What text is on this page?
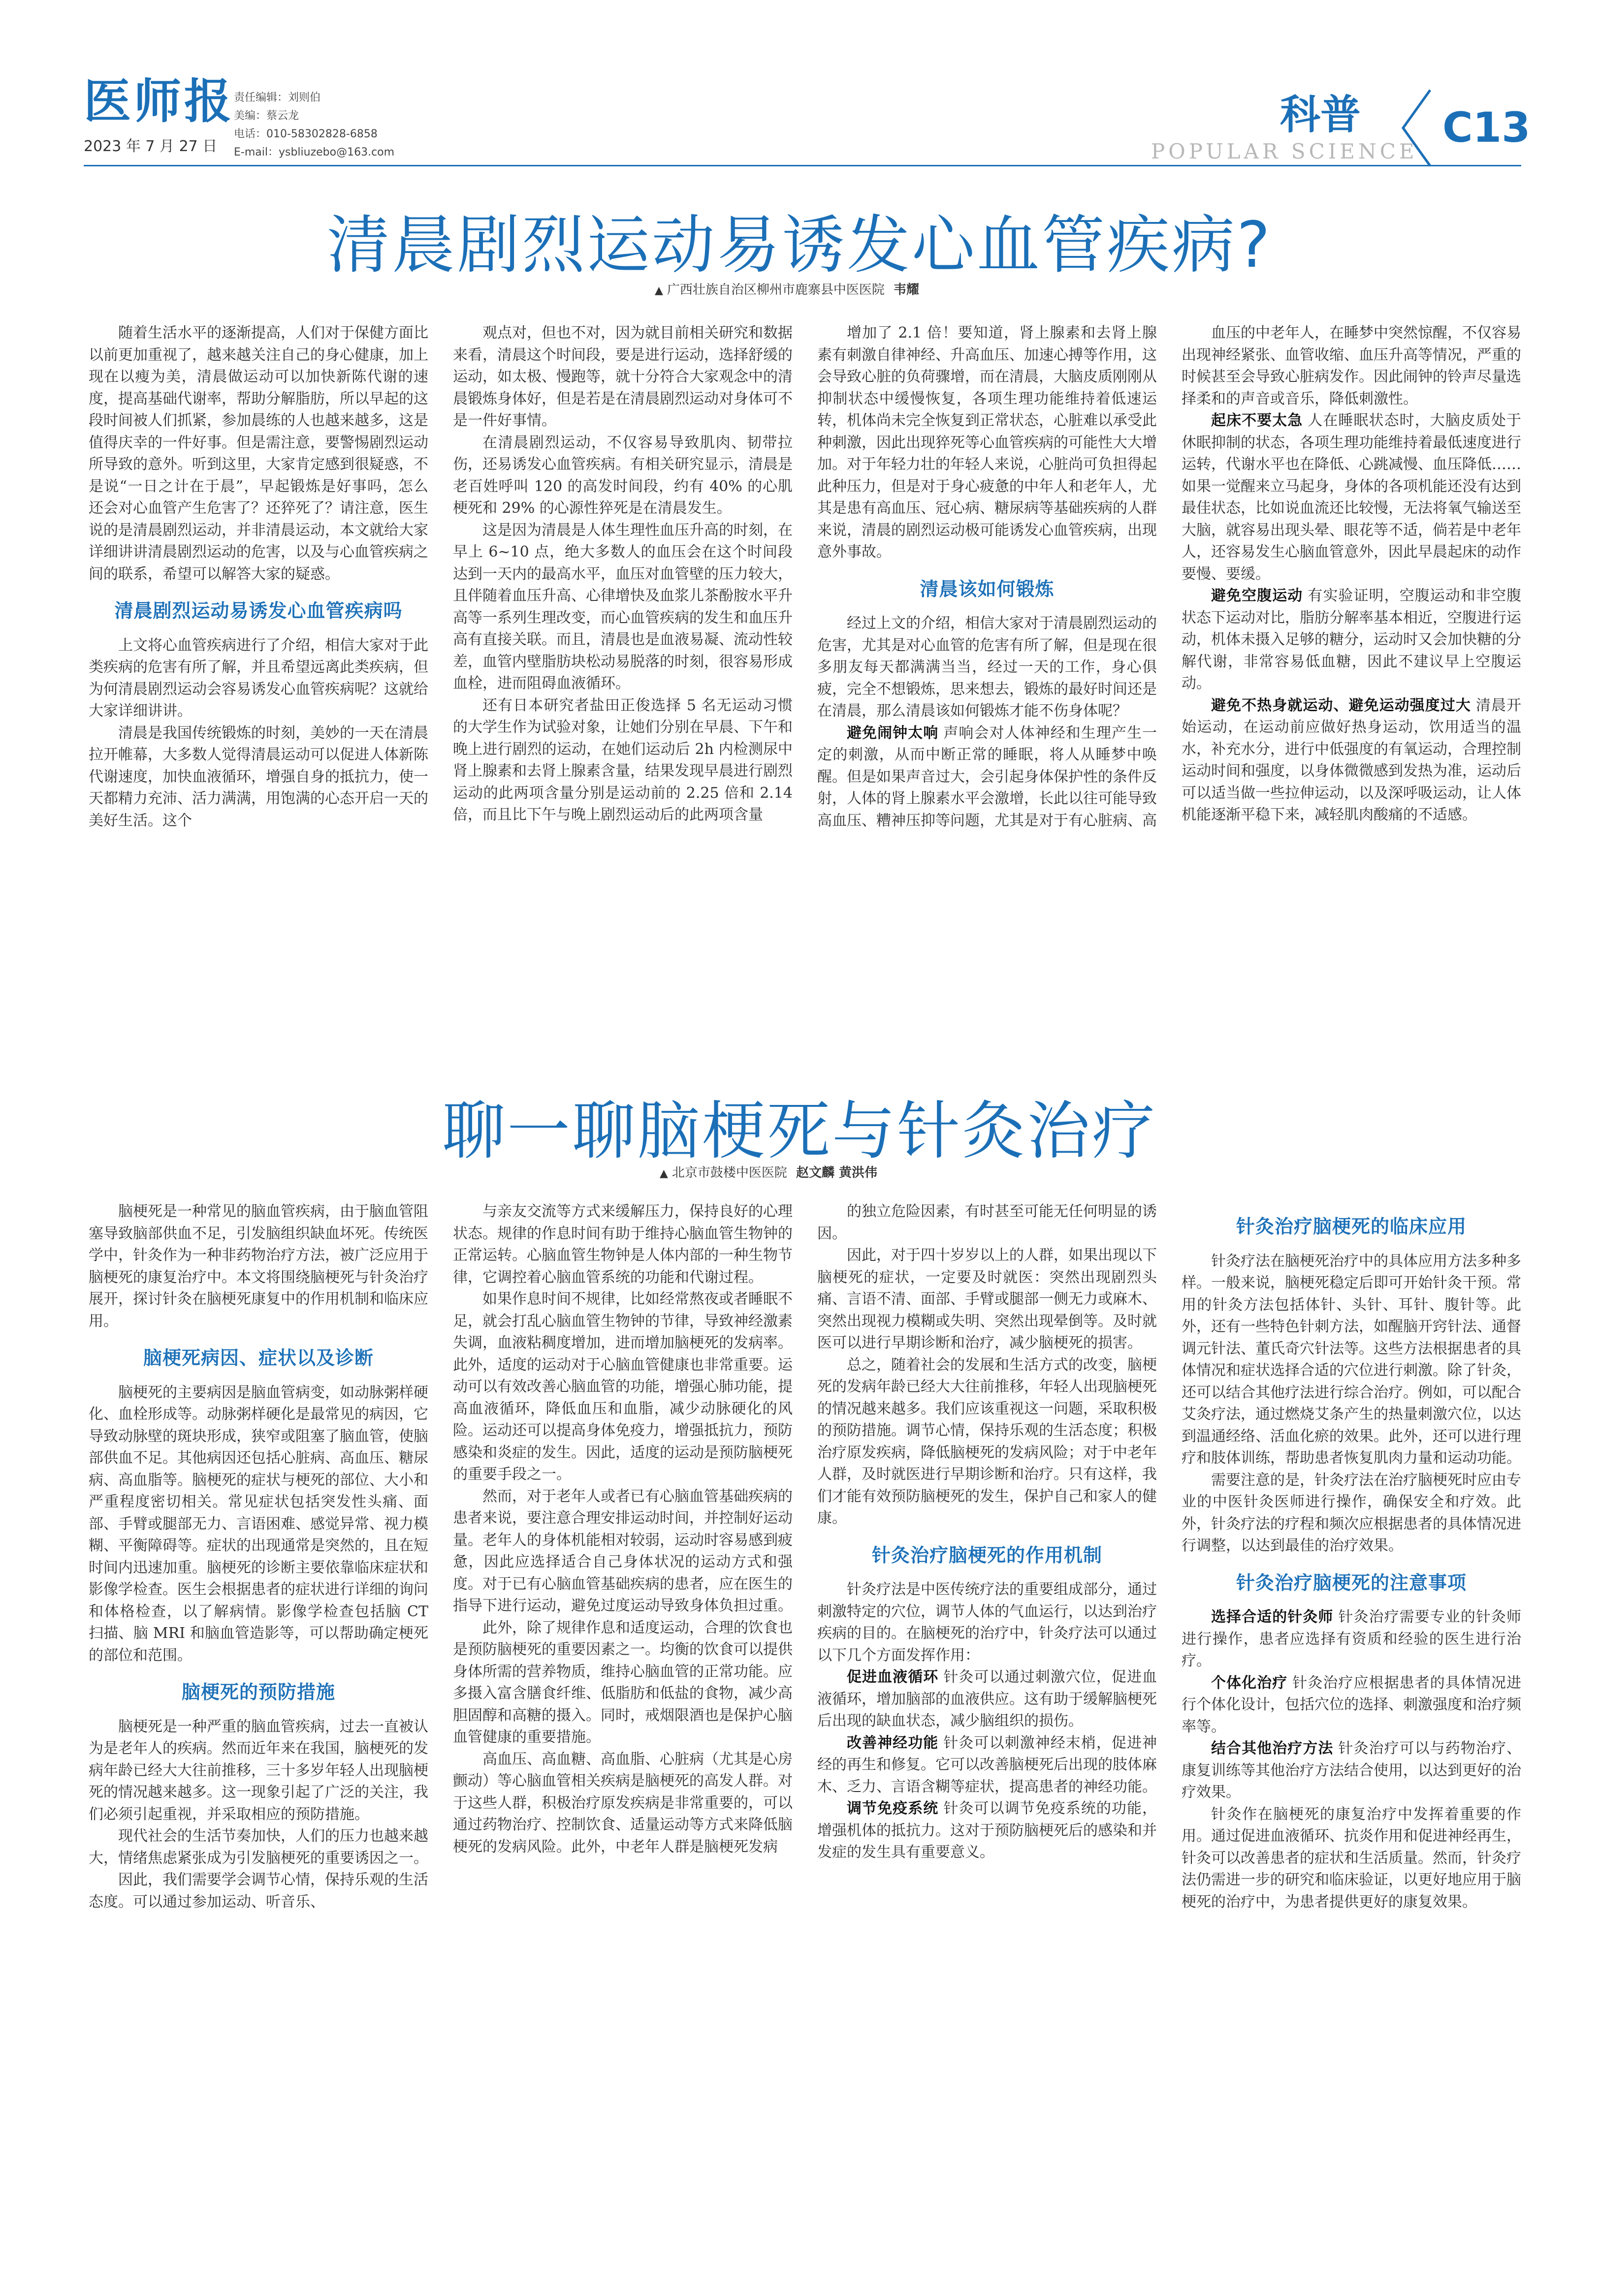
医师报
2023 年 7 月 27 日
责任编辑：刘则伯
美编：蔡云龙
电话：010-58302828-6858
E-mail：ysbliuzebo@163.com
科普
POPULAR SCIENCE C13
清晨剧烈运动易诱发心血管疾病?
▲ 广西壮族自治区柳州市鹿寨县中医医院 韦耀

随着生活水平的逐渐提高，人们对于保健方面比以前更加重视了，越来越关注自己的身心健康，加上现在以瘦为美，清晨做运动可以加快新陈代谢的速度，提高基础代谢率，帮助分解脂肪，所以早起的这段时间被人们抓紧，参加晨练的人也越来越多，这是值得庆幸的一件好事。但是需注意，要警惕剧烈运动所导致的意外。听到这里，大家肯定感到很疑惑，不是说“一日之计在于晨”，早起锻炼是好事吗，怎么还会对心血管产生危害了？还猝死了？请注意，医生说的是清晨剧烈运动，并非清晨运动，本文就给大家详细讲讲清晨剧烈运动的危害，以及与心血管疾病之间的联系，希望可以解答大家的疑惑。

清晨剧烈运动易诱发心血管疾病吗

上文将心血管疾病进行了介绍，相信大家对于此类疾病的危害有所了解，并且希望远离此类疾病，但为何清晨剧烈运动会容易诱发心血管疾病呢？这就给大家详细讲讲。

清晨是我国传统锻炼的时刻，美妙的一天在清晨拉开帷幕，大多数人觉得清晨运动可以促进人体新陈代谢速度，加快血液循环，增强自身的抵抗力，使一天都精力充沛、活力满满，用饱满的心态开启一天的美好生活。这个

观点对，但也不对，因为就目前相关研究和数据来看，清晨这个时间段，要是进行运动，选择舒缓的运动，如太极、慢跑等，就十分符合大家观念中的清晨锻炼身体好，但是若是在清晨剧烈运动对身体可不是一件好事情。

在清晨剧烈运动，不仅容易导致肌肉、韧带拉伤，还易诱发心血管疾病。有相关研究显示，清晨是老百姓呼叫 120 的高发时间段，约有 40% 的心肌梗死和 29% 的心源性猝死是在清晨发生。

这是因为清晨是人体生理性血压升高的时刻，在早上 6~10 点，绝大多数人的血压会在这个时间段达到一天内的最高水平，血压对血管壁的压力较大，且伴随着血压升高、心律增快及血浆儿茶酚胺水平升高等一系列生理改变，而心血管疾病的发生和血压升高有直接关联。而且，清晨也是血液易凝、流动性较差，血管内壁脂肪块松动易脱落的时刻，很容易形成血栓，进而阻碍血液循环。

还有日本研究者盐田正俊选择 5 名无运动习惯的大学生作为试验对象，让她们分别在早晨、下午和晚上进行剧烈的运动，在她们运动后 2h 内检测尿中肾上腺素和去肾上腺素含量，结果发现早晨进行剧烈运动的此两项含量分别是运动前的 2.25 倍和 2.14 倍，而且比下午与晚上剧烈运动后的此两项含量

增加了 2.1 倍！要知道，肾上腺素和去肾上腺素有刺激自律神经、升高血压、加速心搏等作用，这会导致心脏的负荷骤增，而在清晨，大脑皮质刚刚从抑制状态中缓慢恢复，各项生理功能维持着低速运转，机体尚未完全恢复到正常状态，心脏难以承受此种刺激，因此出现猝死等心血管疾病的可能性大大增加。对于年轻力壮的年轻人来说，心脏尚可负担得起此种压力，但是对于身心疲惫的中年人和老年人，尤其是患有高血压、冠心病、糖尿病等基础疾病的人群来说，清晨的剧烈运动极可能诱发心血管疾病，出现意外事故。

清晨该如何锻炼

经过上文的介绍，相信大家对于清晨剧烈运动的危害，尤其是对心血管的危害有所了解，但是现在很多朋友每天都满满当当，经过一天的工作，身心俱疲，完全不想锻炼，思来想去，锻炼的最好时间还是在清晨，那么清晨该如何锻炼才能不伤身体呢？

避免闹钟太响 声响会对人体神经和生理产生一定的刺激，从而中断正常的睡眠，将人从睡梦中唤醒。但是如果声音过大，会引起身体保护性的条件反射，人体的肾上腺素水平会激增，长此以往可能导致高血压、糟神压抑等问题，尤其是对于有心脏病、高

血压的中老年人，在睡梦中突然惊醒，不仅容易出现神经紧张、血管收缩、血压升高等情况，严重的时候甚至会导致心脏病发作。因此闹钟的铃声尽量选择柔和的声音或音乐，降低刺激性。

起床不要太急 人在睡眠状态时，大脑皮质处于休眠抑制的状态，各项生理功能维持着最低速度进行运转，代谢水平也在降低、心跳减慢、血压降低……如果一觉醒来立马起身，身体的各项机能还没有达到最佳状态，比如说血流还比较慢，无法将氧气输送至大脑，就容易出现头晕、眼花等不适，倘若是中老年人，还容易发生心脑血管意外，因此早晨起床的动作要慢、要缓。

避免空腹运动 有实验证明，空腹运动和非空腹状态下运动对比，脂肪分解率基本相近，空腹进行运动，机体未摄入足够的糖分，运动时又会加快糖的分解代谢，非常容易低血糖，因此不建议早上空腹运动。

避免不热身就运动、避免运动强度过大 清晨开始运动，在运动前应做好热身运动，饮用适当的温水，补充水分，进行中低强度的有氧运动，合理控制运动时间和强度，以身体微微感到发热为准，运动后可以适当做一些拉伸运动，以及深呼吸运动，让人体机能逐渐平稳下来，减轻肌肉酸痛的不适感。

聊一聊脑梗死与针灸治疗
▲ 北京市鼓楼中医医院 赵文麟 黄洪伟

脑梗死是一种常见的脑血管疾病，由于脑血管阻塞导致脑部供血不足，引发脑组织缺血坏死。传统医学中，针灸作为一种非药物治疗方法，被广泛应用于脑梗死的康复治疗中。本文将围绕脑梗死与针灸治疗展开，探讨针灸在脑梗死康复中的作用机制和临床应用。

脑梗死病因、症状以及诊断

脑梗死的主要病因是脑血管病变，如动脉粥样硬化、血栓形成等。动脉粥样硬化是最常见的病因，它导致动脉壁的斑块形成，狭窄或阻塞了脑血管，使脑部供血不足。其他病因还包括心脏病、高血压、糖尿病、高血脂等。脑梗死的症状与梗死的部位、大小和严重程度密切相关。常见症状包括突发性头痛、面部、手臂或腿部无力、言语困难、感觉异常、视力模糊、平衡障碍等。症状的出现通常是突然的，且在短时间内迅速加重。脑梗死的诊断主要依靠临床症状和影像学检查。医生会根据患者的症状进行详细的询问和体格检查，以了解病情。影像学检查包括脑 CT 扫描、脑 MRI 和脑血管造影等，可以帮助确定梗死的部位和范围。

脑梗死的预防措施

脑梗死是一种严重的脑血管疾病，过去一直被认为是老年人的疾病。然而近年来在我国，脑梗死的发病年龄已经大大往前推移，三十多岁年轻人出现脑梗死的情况越来越多。这一现象引起了广泛的关注，我们必须引起重视，并采取相应的预防措施。

现代社会的生活节奏加快，人们的压力也越来越大，情绪焦虑紧张成为引发脑梗死的重要诱因之一。

因此，我们需要学会调节心情，保持乐观的生活态度。可以通过参加运动、听音乐、

与亲友交流等方式来缓解压力，保持良好的心理状态。规律的作息时间有助于维持心脑血管生物钟的正常运转。心脑血管生物钟是人体内部的一种生物节律，它调控着心脑血管系统的功能和代谢过程。

如果作息时间不规律，比如经常熬夜或者睡眠不足，就会打乱心脑血管生物钟的节律，导致神经激素失调，血液粘稠度增加，进而增加脑梗死的发病率。此外，适度的运动对于心脑血管健康也非常重要。运动可以有效改善心脑血管的功能，增强心肺功能，提高血液循环，降低血压和血脂，减少动脉硬化的风险。运动还可以提高身体免疫力，增强抵抗力，预防感染和炎症的发生。因此，适度的运动是预防脑梗死的重要手段之一。

然而，对于老年人或者已有心脑血管基础疾病的患者来说，要注意合理安排运动时间，并控制好运动量。老年人的身体机能相对较弱，运动时容易感到疲惫，因此应选择适合自己身体状况的运动方式和强度。对于已有心脑血管基础疾病的患者，应在医生的指导下进行运动，避免过度运动导致身体负担过重。

此外，除了规律作息和适度运动，合理的饮食也是预防脑梗死的重要因素之一。均衡的饮食可以提供身体所需的营养物质，维持心脑血管的正常功能。应多摄入富含膳食纤维、低脂肪和低盐的食物，减少高胆固醇和高糖的摄入。同时，戒烟限酒也是保护心脑血管健康的重要措施。

高血压、高血糖、高血脂、心脏病（尤其是心房颤动）等心脑血管相关疾病是脑梗死的高发人群。对于这些人群，积极治疗原发疾病是非常重要的，可以通过药物治疗、控制饮食、适量运动等方式来降低脑梗死的发病风险。此外，中老年人群是脑梗死发病

的独立危险因素，有时甚至可能无任何明显的诱因。

因此，对于四十岁岁以上的人群，如果出现以下脑梗死的症状，一定要及时就医：突然出现剧烈头痛、言语不清、面部、手臂或腿部一侧无力或麻木、突然出现视力模糊或失明、突然出现晕倒等。及时就医可以进行早期诊断和治疗，减少脑梗死的损害。

总之，随着社会的发展和生活方式的改变，脑梗死的发病年龄已经大大往前推移，年轻人出现脑梗死的情况越来越多。我们应该重视这一问题，采取积极的预防措施。调节心情，保持乐观的生活态度；积极治疗原发疾病，降低脑梗死的发病风险；对于中老年人群，及时就医进行早期诊断和治疗。只有这样，我们才能有效预防脑梗死的发生，保护自己和家人的健康。

针灸治疗脑梗死的作用机制

针灸疗法是中医传统疗法的重要组成部分，通过刺激特定的穴位，调节人体的气血运行，以达到治疗疾病的目的。在脑梗死的治疗中，针灸疗法可以通过以下几个方面发挥作用：

促进血液循环 针灸可以通过刺激穴位，促进血液循环，增加脑部的血液供应。这有助于缓解脑梗死后出现的缺血状态，减少脑组织的损伤。

改善神经功能 针灸可以刺激神经末梢，促进神经的再生和修复。它可以改善脑梗死后出现的肢体麻木、乏力、言语含糊等症状，提高患者的神经功能。

调节免疫系统 针灸可以调节免疫系统的功能，增强机体的抵抗力。这对于预防脑梗死后的感染和并发症的发生具有重要意义。

针灸治疗脑梗死的临床应用

针灸疗法在脑梗死治疗中的具体应用方法多种多样。一般来说，脑梗死稳定后即可开始针灸干预。常用的针灸方法包括体针、头针、耳针、腹针等。此外，还有一些特色针刺方法，如醒脑开窍针法、通督调元针法、董氏奇穴针法等。这些方法根据患者的具体情况和症状选择合适的穴位进行刺激。除了针灸，还可以结合其他疗法进行综合治疗。例如，可以配合艾灸疗法，通过燃烧艾条产生的热量刺激穴位，以达到温通经络、活血化瘀的效果。此外，还可以进行理疗和肢体训练，帮助患者恢复肌肉力量和运动功能。

需要注意的是，针灸疗法在治疗脑梗死时应由专业的中医针灸医师进行操作，确保安全和疗效。此外，针灸疗法的疗程和频次应根据患者的具体情况进行调整，以达到最佳的治疗效果。

针灸治疗脑梗死的注意事项

选择合适的针灸师 针灸治疗需要专业的针灸师进行操作，患者应选择有资质和经验的医生进行治疗。

个体化治疗 针灸治疗应根据患者的具体情况进行个体化设计，包括穴位的选择、刺激强度和治疗频率等。

结合其他治疗方法 针灸治疗可以与药物治疗、康复训练等其他治疗方法结合使用，以达到更好的治疗效果。

针灸作在脑梗死的康复治疗中发挥着重要的作用。通过促进血液循环、抗炎作用和促进神经再生，针灸可以改善患者的症状和生活质量。然而，针灸疗法仍需进一步的研究和临床验证，以更好地应用于脑梗死的治疗中，为患者提供更好的康复效果。
